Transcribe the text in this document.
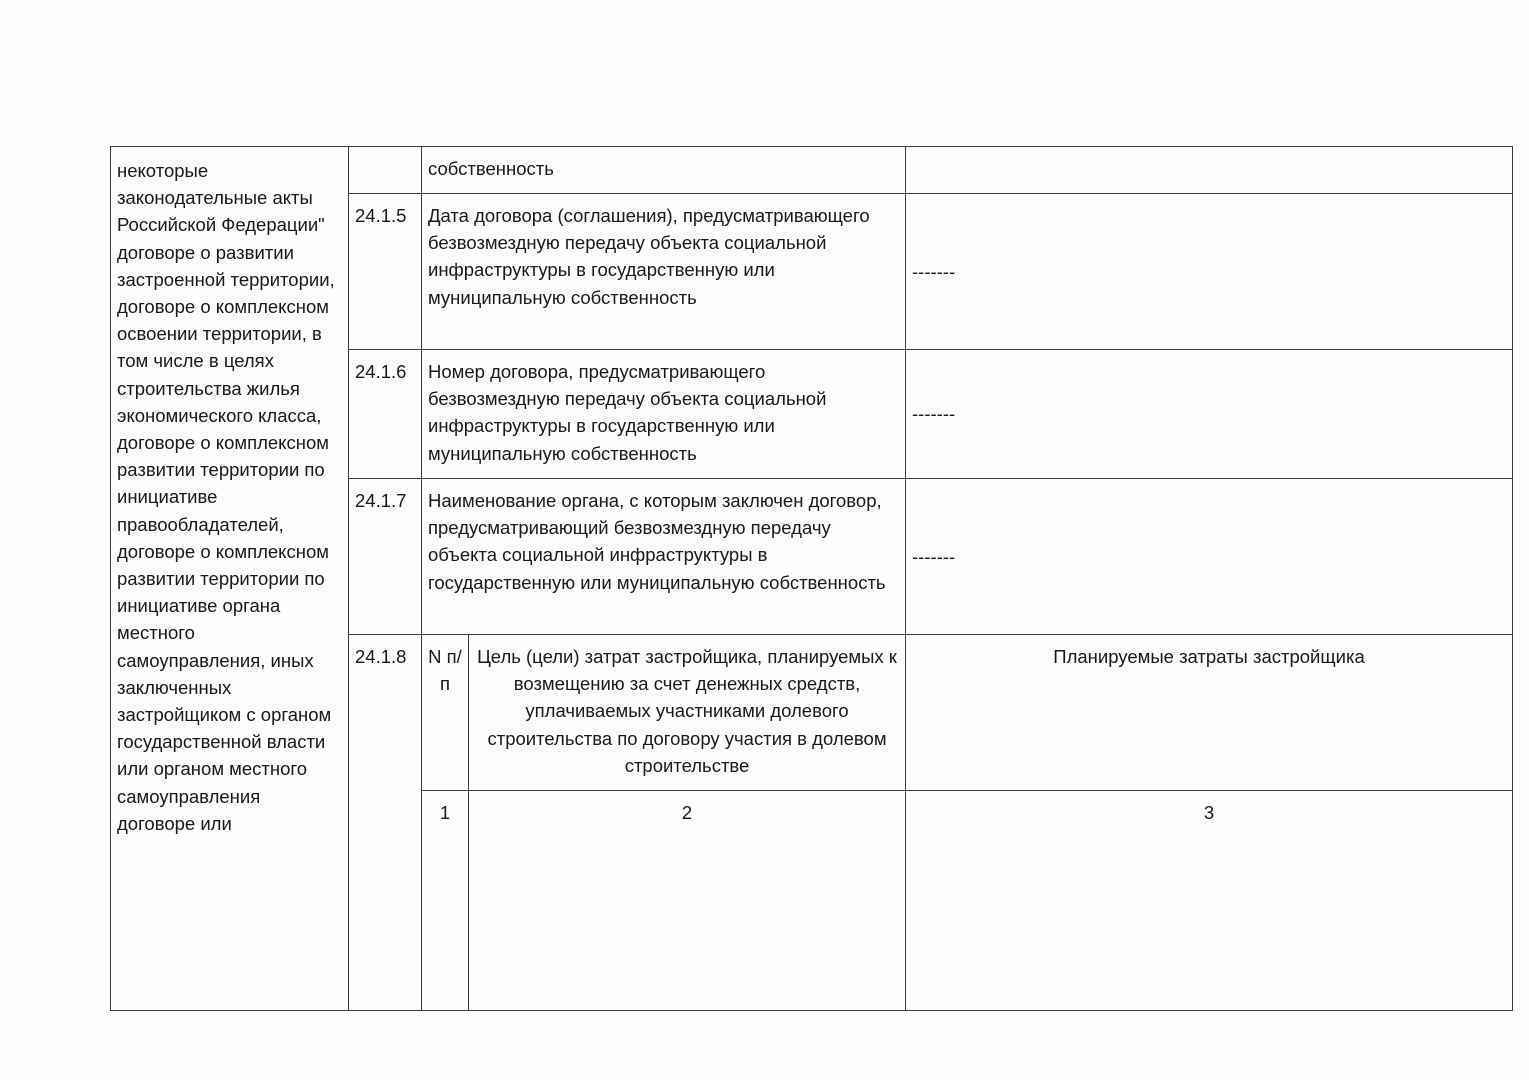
некоторые законодательные акты Российской Федерации" договоре о развитии застроенной территории, договоре о комплексном освоении территории, в том числе в целях строительства жилья экономического класса, договоре о комплексном развитии территории по инициативе правообладателей, договоре о комплексном развитии территории по инициативе органа местного самоуправления, иных заключенных застройщиком с органом государственной власти или органом местного самоуправления договоре или		собственность		
	24.1.5	Дата договора (соглашения), предусматривающего безвозмездную передачу объекта социальной инфраструктуры в государственную или муниципальную собственность		-------
	24.1.6	Номер договора, предусматривающего безвозмездную передачу объекта социальной инфраструктуры в государственную или муниципальную собственность		-------
	24.1.7	Наименование органа, с которым заключен договор, предусматривающий безвозмездную передачу объекта социальной инфраструктуры в государственную или муниципальную собственность		-------
	24.1.8	N п/п	Цель (цели) затрат застройщика, планируемых к возмещению за счет денежных средств, уплачиваемых участниками долевого строительства по договору участия в долевом строительстве	Планируемые затраты застройщика
		1	2	3
